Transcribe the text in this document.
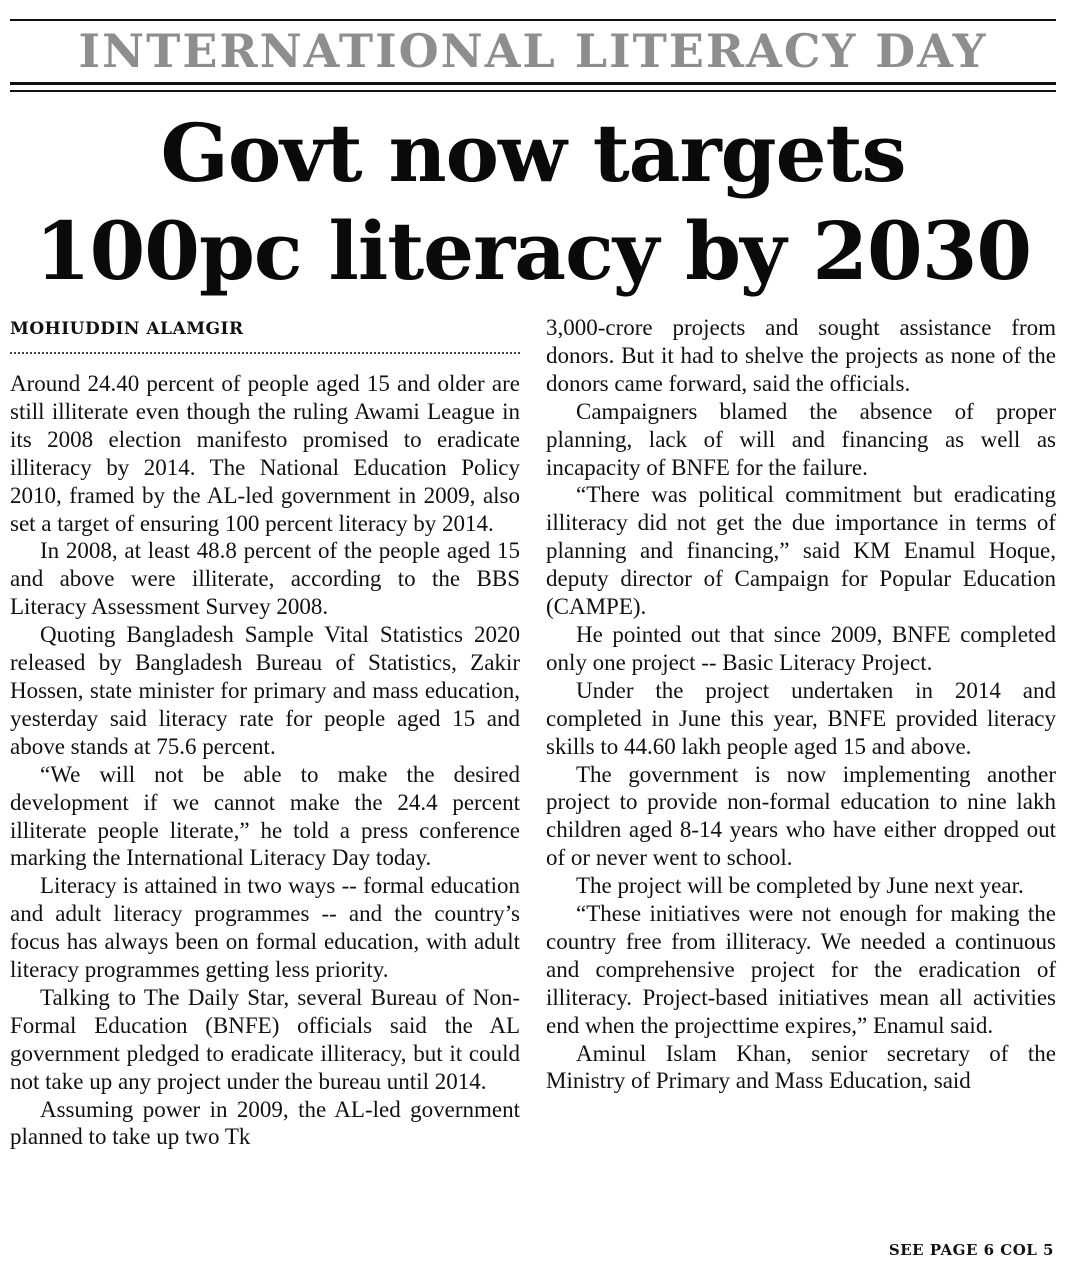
INTERNATIONAL LITERACY DAY
Govt now targets
100pc literacy by 2030
MOHIUDDIN ALAMGIR

Around 24.40 percent of people aged 15 and older are still illiterate even though the ruling Awami League in its 2008 election manifesto promised to eradicate illiteracy by 2014. The National Education Policy 2010, framed by the AL-led government in 2009, also set a target of ensuring 100 percent literacy by 2014.

In 2008, at least 48.8 percent of the people aged 15 and above were illiterate, according to the BBS Literacy Assessment Survey 2008.

Quoting Bangladesh Sample Vital Statistics 2020 released by Bangladesh Bureau of Statistics, Zakir Hossen, state minister for primary and mass education, yesterday said literacy rate for people aged 15 and above stands at 75.6 percent.

“We will not be able to make the desired development if we cannot make the 24.4 percent illiterate people literate,” he told a press conference marking the International Literacy Day today.

Literacy is attained in two ways -- formal education and adult literacy programmes -- and the country’s focus has always been on formal education, with adult literacy programmes getting less priority.

Talking to The Daily Star, several Bureau of Non-Formal Education (BNFE) officials said the AL government pledged to eradicate illiteracy, but it could not take up any project under the bureau until 2014.

Assuming power in 2009, the AL-led government planned to take up two Tk

3,000-crore projects and sought assistance from donors. But it had to shelve the projects as none of the donors came forward, said the officials.

Campaigners blamed the absence of proper planning, lack of will and financing as well as incapacity of BNFE for the failure.

“There was political commitment but eradicating illiteracy did not get the due importance in terms of planning and financing,” said KM Enamul Hoque, deputy director of Campaign for Popular Education (CAMPE).

He pointed out that since 2009, BNFE completed only one project -- Basic Literacy Project.

Under the project undertaken in 2014 and completed in June this year, BNFE provided literacy skills to 44.60 lakh people aged 15 and above.

The government is now implementing another project to provide non-formal education to nine lakh children aged 8-14 years who have either dropped out of or never went to school.

The project will be completed by June next year.

“These initiatives were not enough for making the country free from illiteracy. We needed a continuous and comprehensive project for the eradication of illiteracy. Project-based initiatives mean all activities end when the projecttime expires,” Enamul said.

Aminul Islam Khan, senior secretary of the Ministry of Primary and Mass Education, said

SEE PAGE 6 COL 5
